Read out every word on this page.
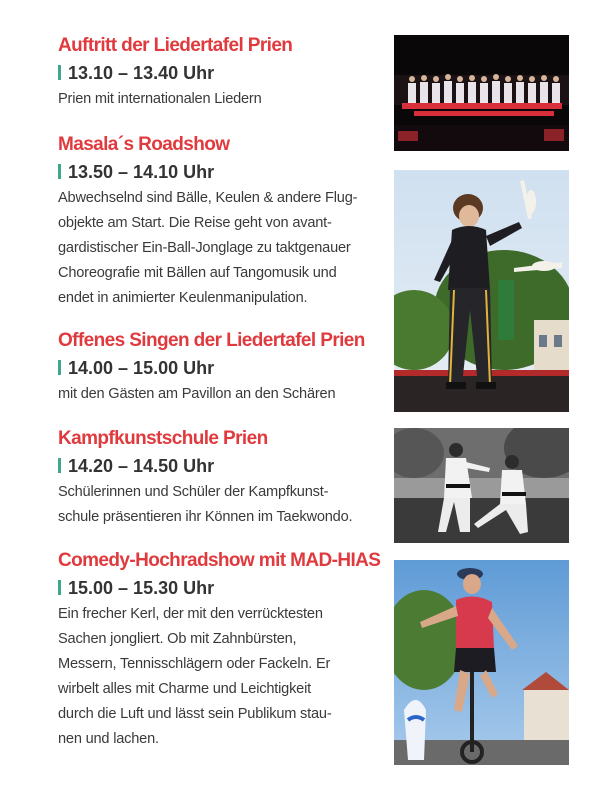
Auftritt der Liedertafel Prien
13.10 – 13.40 Uhr
Prien mit internationalen Liedern
Masala´s Roadshow
13.50 – 14.10 Uhr
Abwechselnd sind Bälle, Keulen & andere Flug-
objekte am Start. Die Reise geht von avant-
gardistischer Ein-Ball-Jonglage zu taktgenauer
Choreografie mit Bällen auf Tangomusik und
endet in animierter Keulenmanipulation.
Offenes Singen der Liedertafel Prien
14.00 – 15.00 Uhr
mit den Gästen am Pavillon an den Schären
Kampfkunstschule Prien
14.20 – 14.50 Uhr
Schülerinnen und Schüler der Kampfkunst-
schule präsentieren ihr Können im Taekwondo.
Comedy-Hochradshow mit MAD-HIAS
15.00 – 15.30 Uhr
Ein frecher Kerl, der mit den verrücktesten
Sachen jongliert. Ob mit Zahnbürsten,
Messern, Tennisschlägern oder Fackeln. Er
wirbelt alles mit Charme und Leichtigkeit
durch die Luft und lässt sein Publikum stau-
nen und lachen.
